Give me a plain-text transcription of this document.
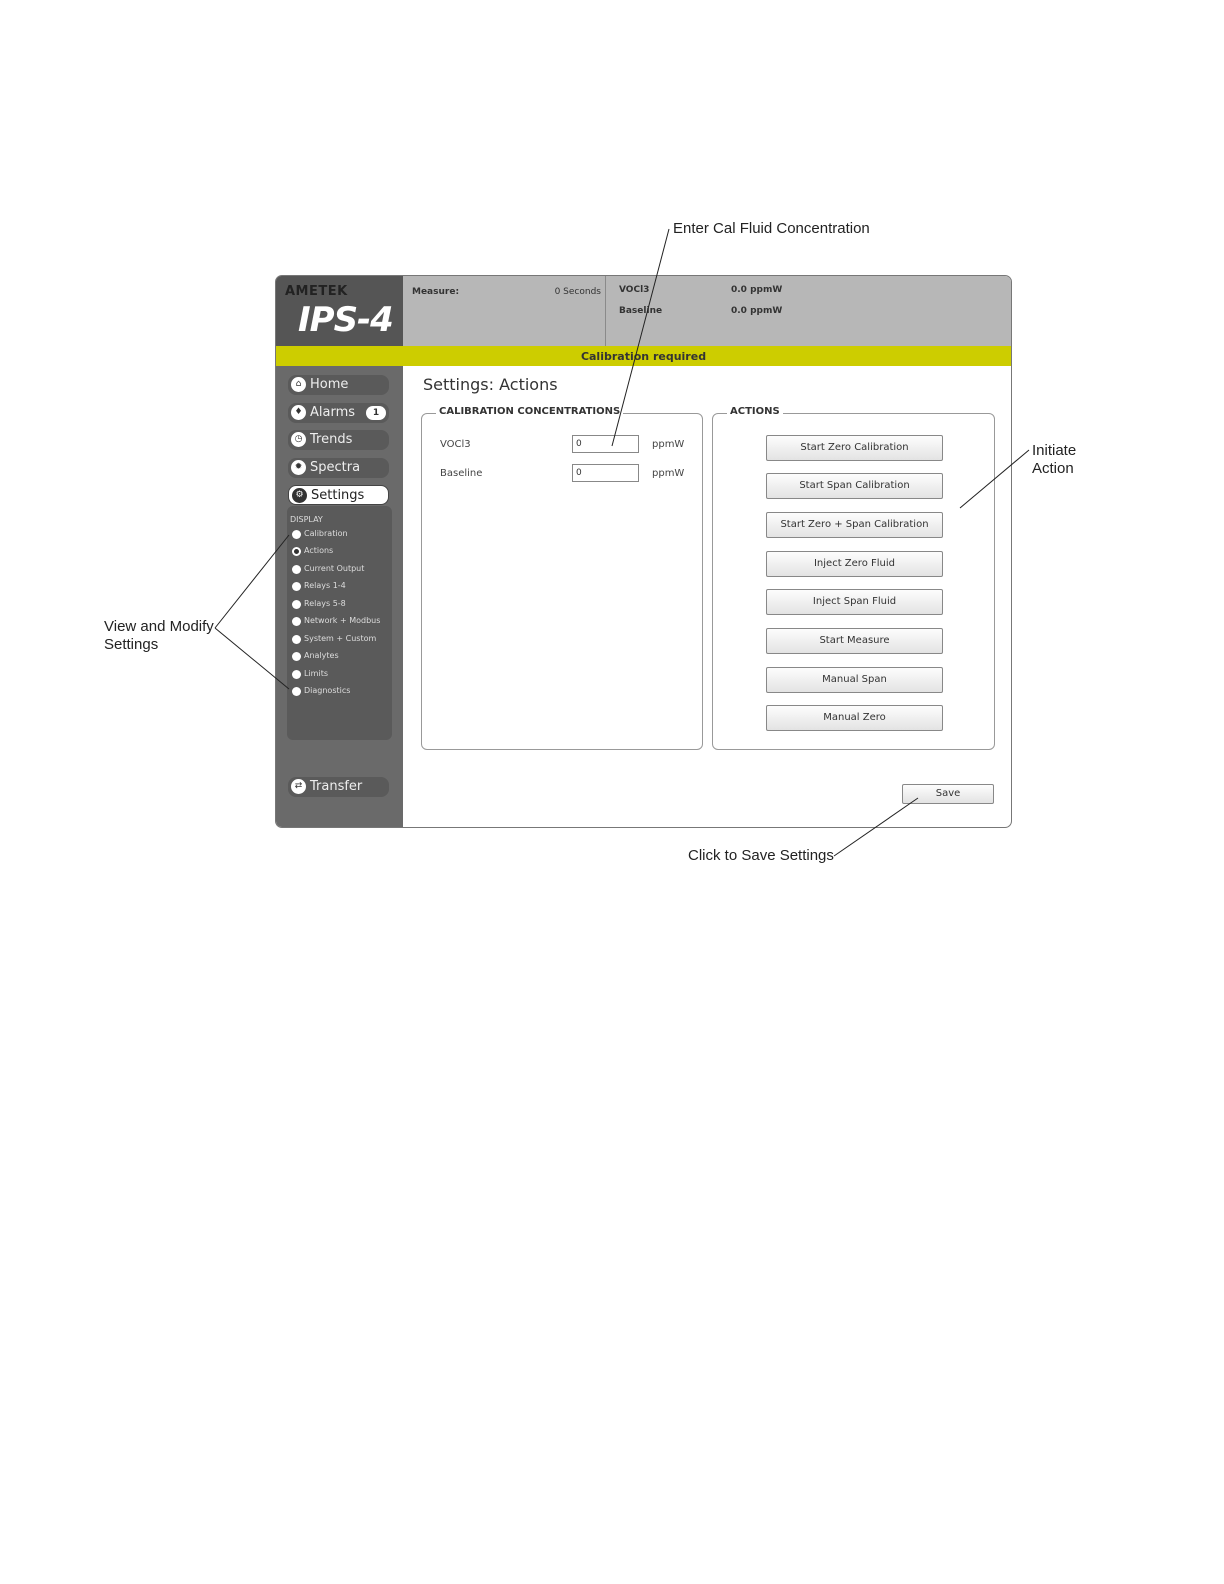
Enter Cal Fluid Concentration
Initiate
Action
View and Modify
Settings
Click to Save Settings
AMETEK
IPS-4
⌂ Home
♦ Alarms	1
◷ Trends
✹ Spectra
⚙ Settings
DISPLAY
Calibration
Actions
Current Output
Relays 1-4
Relays 5-8
Network + Modbus
System + Custom
Analytes
Limits
Diagnostics
⇄ Transfer
Measure:	0 Seconds VOCl3	0.0 ppmW
Baseline	0.0 ppmW
Calibration required
Settings: Actions
CALIBRATION CONCENTRATIONS
VOCl3
0	ppmW
Baseline
0	ppmW
ACTIONS
Start Zero Calibration
Start Span Calibration
Start Zero + Span Calibration
Inject Zero Fluid
Inject Span Fluid
Start Measure
Manual Span
Manual Zero
Save
